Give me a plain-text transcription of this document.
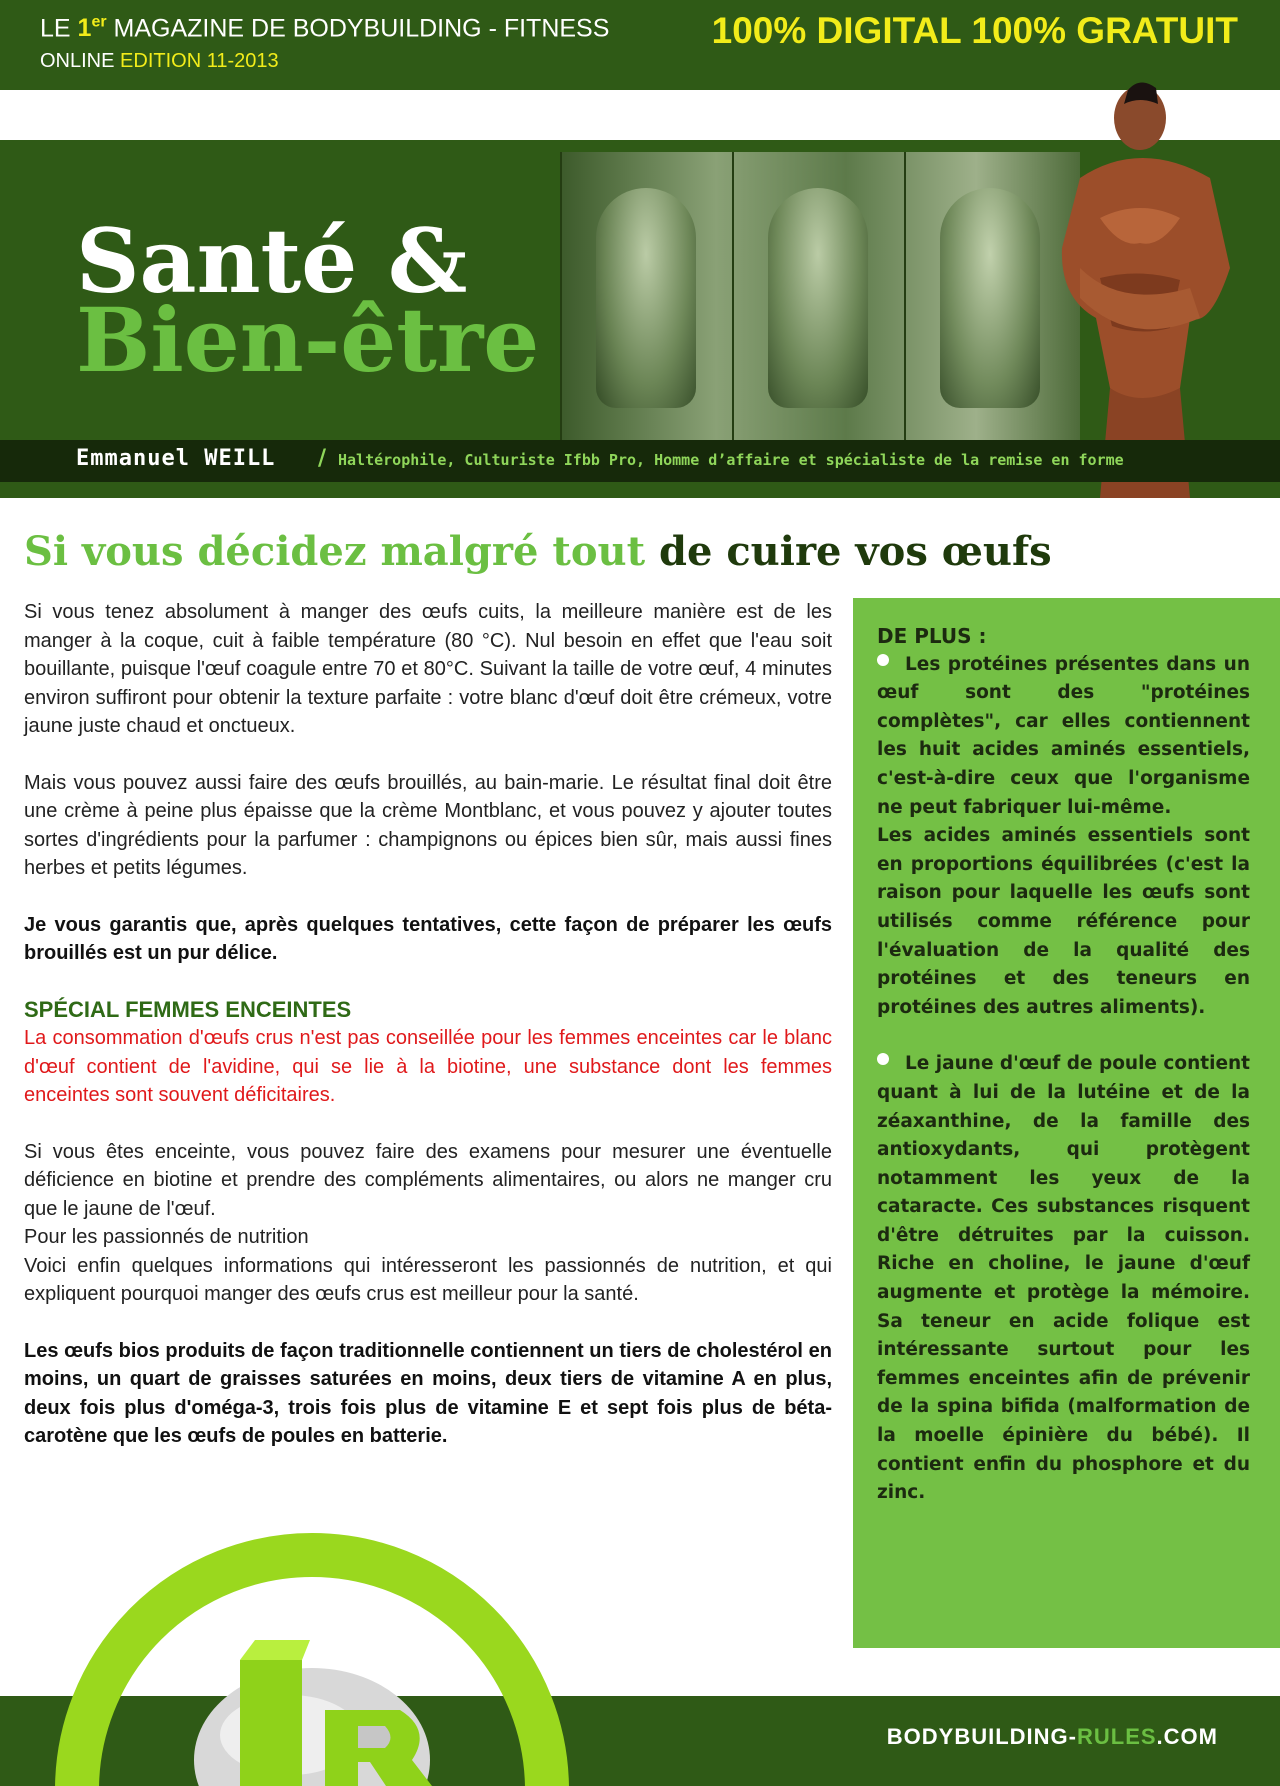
LE 1er MAGAZINE DE BODYBUILDING - FITNESS	100% DIGITAL 100% GRATUIT
ONLINE EDITION 11-2013
Santé &
Bien-être
Emmanuel WEILL / Haltérophile, Culturiste Ifbb Pro, Homme d’affaire et spécialiste de la remise en forme
Si vous décidez malgré tout de cuire vos œufs

Si vous tenez absolument à manger des œufs cuits, la meilleure manière est de les manger à la coque, cuit à faible température (80 °C). Nul besoin en effet que l'eau soit bouillante, puisque l'œuf coagule entre 70 et 80°C. Suivant la taille de votre œuf, 4 minutes environ suffiront pour obtenir la texture parfaite : votre blanc d'œuf doit être crémeux, votre jaune juste chaud et onctueux.

Mais vous pouvez aussi faire des œufs brouillés, au bain-marie. Le résultat final doit être une crème à peine plus épaisse que la crème Montblanc, et vous pouvez y ajouter toutes sortes d'ingrédients pour la parfumer : champignons ou épices bien sûr, mais aussi fines herbes et petits légumes.

Je vous garantis que, après quelques tentatives, cette façon de préparer les œufs brouillés est un pur délice.

SPÉCIAL FEMMES ENCEINTES

La consommation d'œufs crus n'est pas conseillée pour les femmes enceintes car le blanc d'œuf contient de l'avidine, qui se lie à la biotine, une substance dont les femmes enceintes sont souvent déficitaires.

Si vous êtes enceinte, vous pouvez faire des examens pour mesurer une éventuelle déficience en biotine et prendre des compléments alimentaires, ou alors ne manger cru que le jaune de l'œuf.

Pour les passionnés de nutrition

Voici enfin quelques informations qui intéresseront les passionnés de nutrition, et qui expliquent pourquoi manger des œufs crus est meilleur pour la santé.

Les œufs bios produits de façon traditionnelle contiennent un tiers de cholestérol en moins, un quart de graisses saturées en moins, deux tiers de vitamine A en plus, deux fois plus d'oméga-3, trois fois plus de vitamine E et sept fois plus de béta-carotène que les œufs de poules en batterie.

DE PLUS :

Les protéines présentes dans un œuf sont des "protéines complètes", car elles contiennent les huit acides aminés essentiels, c'est-à-dire ceux que l'organisme ne peut fabriquer lui-même.

Les acides aminés essentiels sont en proportions équilibrées (c'est la raison pour laquelle les œufs sont utilisés comme référence pour l'évaluation de la qualité des protéines et des teneurs en protéines des autres aliments).

Le jaune d'œuf de poule contient quant à lui de la lutéine et de la zéaxanthine, de la famille des antioxydants, qui protègent notamment les yeux de la cataracte. Ces substances risquent d'être détruites par la cuisson. Riche en choline, le jaune d'œuf augmente et protège la mémoire. Sa teneur en acide folique est intéressante surtout pour les femmes enceintes afin de prévenir de la spina bifida (malformation de la moelle épinière du bébé). Il contient enfin du phosphore et du zinc.

BODYBUILDING-RULES.COM
